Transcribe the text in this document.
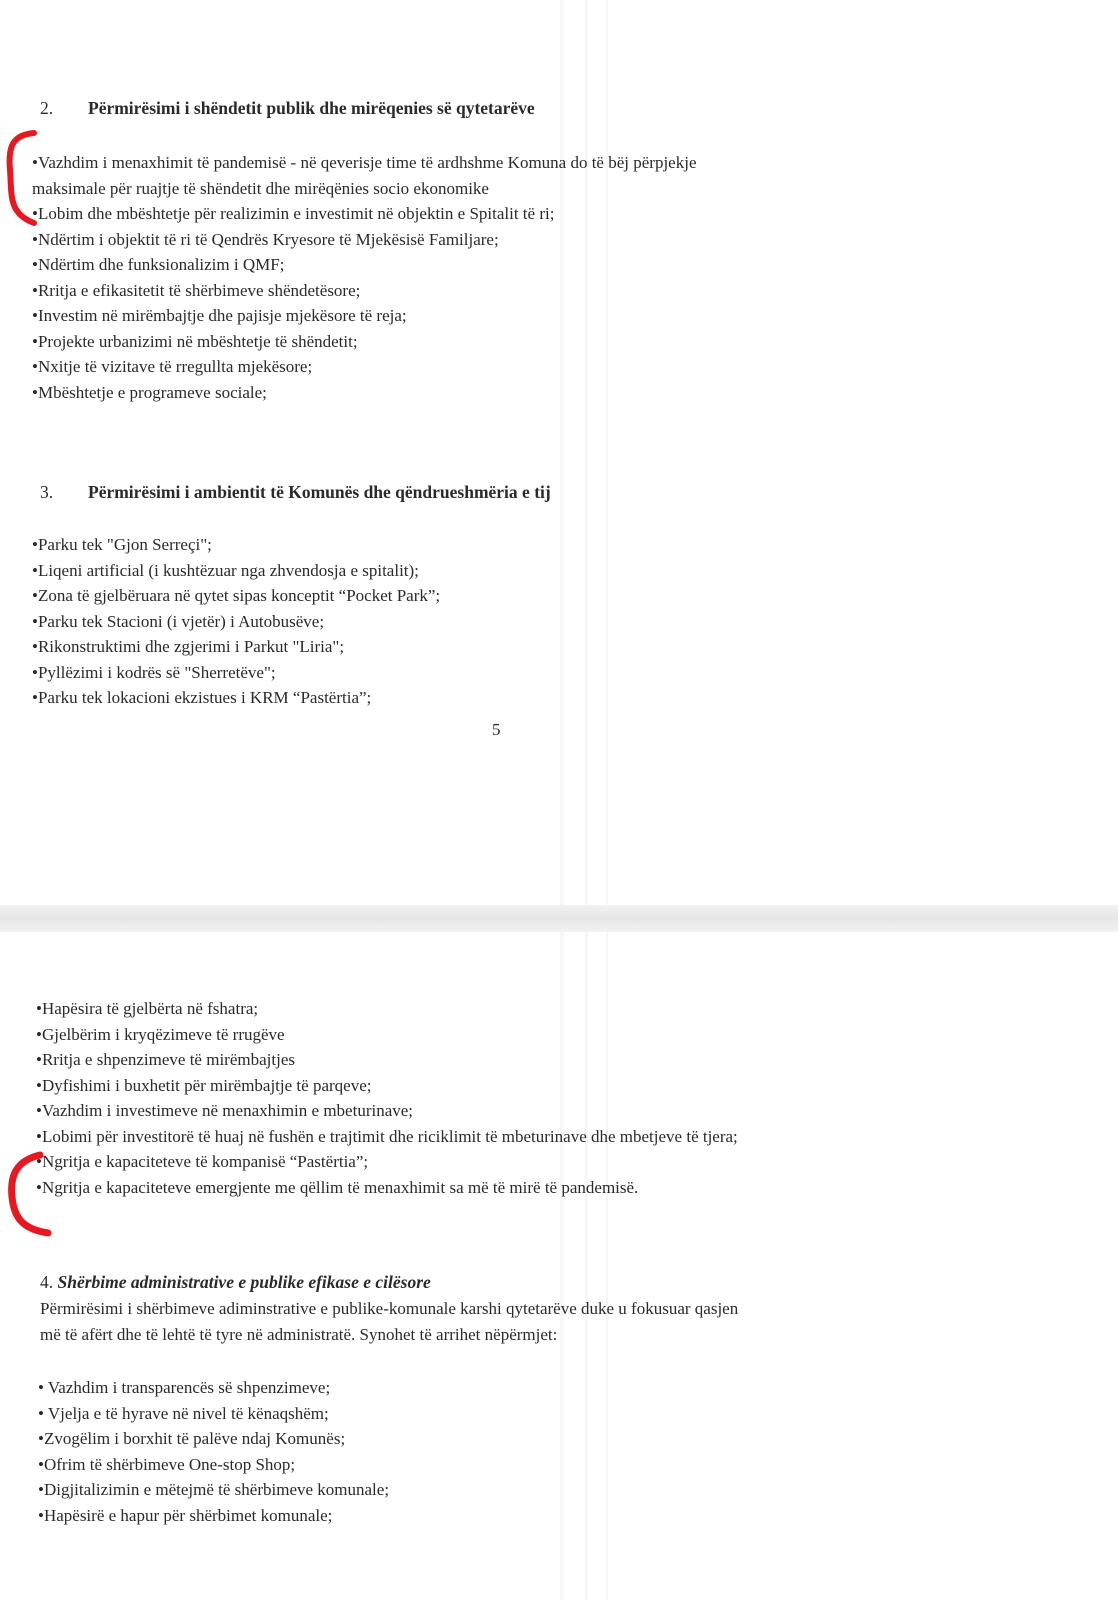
2. Përmirësimi i shëndetit publik dhe mirëqenies së qytetarëve
•Vazhdim i menaxhimit të pandemisë - në qeverisje time të ardhshme Komuna do të bëj përpjekje
maksimale për ruajtje të shëndetit dhe mirëqënies socio ekonomike
•Lobim dhe mbështetje për realizimin e investimit në objektin e Spitalit të ri;
•Ndërtim i objektit të ri të Qendrës Kryesore të Mjekësisë Familjare;
•Ndërtim dhe funksionalizim i QMF;
•Rritja e efikasitetit të shërbimeve shëndetësore;
•Investim në mirëmbajtje dhe pajisje mjekësore të reja;
•Projekte urbanizimi në mbështetje të shëndetit;
•Nxitje të vizitave të rregullta mjekësore;
•Mbështetje e programeve sociale;
3. Përmirësimi i ambientit të Komunës dhe qëndrueshmëria e tij
•Parku tek "Gjon Serreçi";
•Liqeni artificial (i kushtëzuar nga zhvendosja e spitalit);
•Zona të gjelbëruara në qytet sipas konceptit “Pocket Park”;
•Parku tek Stacioni (i vjetër) i Autobusëve;
•Rikonstruktimi dhe zgjerimi i Parkut "Liria";
•Pyllëzimi i kodrës së "Sherretëve";
•Parku tek lokacioni ekzistues i KRM “Pastërtia”;
5
•Hapësira të gjelbërta në fshatra;
•Gjelbërim i kryqëzimeve të rrugëve
•Rritja e shpenzimeve të mirëmbajtjes
•Dyfishimi i buxhetit për mirëmbajtje të parqeve;
•Vazhdim i investimeve në menaxhimin e mbeturinave;
•Lobimi për investitorë të huaj në fushën e trajtimit dhe riciklimit të mbeturinave dhe mbetjeve të tjera;
•Ngritja e kapaciteteve të kompanisë “Pastërtia”;
•Ngritja e kapaciteteve emergjente me qëllim të menaxhimit sa më të mirë të pandemisë.
4. Shërbime administrative e publike efikase e cilësore
Përmirësimi i shërbimeve adiminstrative e publike-komunale karshi qytetarëve duke u fokusuar qasjen
më të afërt dhe të lehtë të tyre në administratë. Synohet të arrihet nëpërmjet:
• Vazhdim i transparencës së shpenzimeve;
• Vjelja e të hyrave në nivel të kënaqshëm;
•Zvogëlim i borxhit të palëve ndaj Komunës;
•Ofrim të shërbimeve One-stop Shop;
•Digjitalizimin e mëtejmë të shërbimeve komunale;
•Hapësirë e hapur për shërbimet komunale;
